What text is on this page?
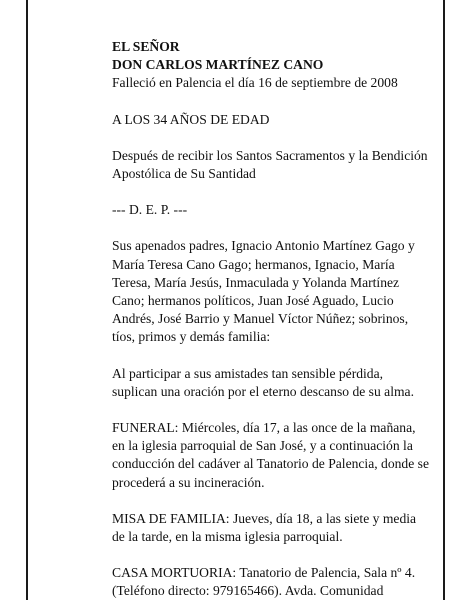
EL SEÑOR

DON CARLOS MARTÍNEZ CANO

Falleció en Palencia el día 16 de septiembre de 2008

A LOS 34 AÑOS DE EDAD

Después de recibir los Santos Sacramentos y la Bendición Apostólica de Su Santidad

--- D. E. P. ---

Sus apenados padres, Ignacio Antonio Martínez Gago y María Teresa Cano Gago; hermanos, Ignacio, María Teresa, María Jesús, Inmaculada y Yolanda Martínez Cano; hermanos políticos, Juan José Aguado, Lucio Andrés, José Barrio y Manuel Víctor Núñez; sobrinos, tíos, primos y demás familia:

Al participar a sus amistades tan sensible pérdida, suplican una oración por el eterno descanso de su alma.

FUNERAL: Miércoles, día 17, a las once de la mañana, en la iglesia parroquial de San José, y a continuación la conducción del cadáver al Tanatorio de Palencia, donde se procederá a su incineración.

MISA DE FAMILIA: Jueves, día 18, a las siete y media de la tarde, en la misma iglesia parroquial.

CASA MORTUORIA: Tanatorio de Palencia, Sala nº 4. (Teléfono directo: 979165466). Avda. Comunidad
